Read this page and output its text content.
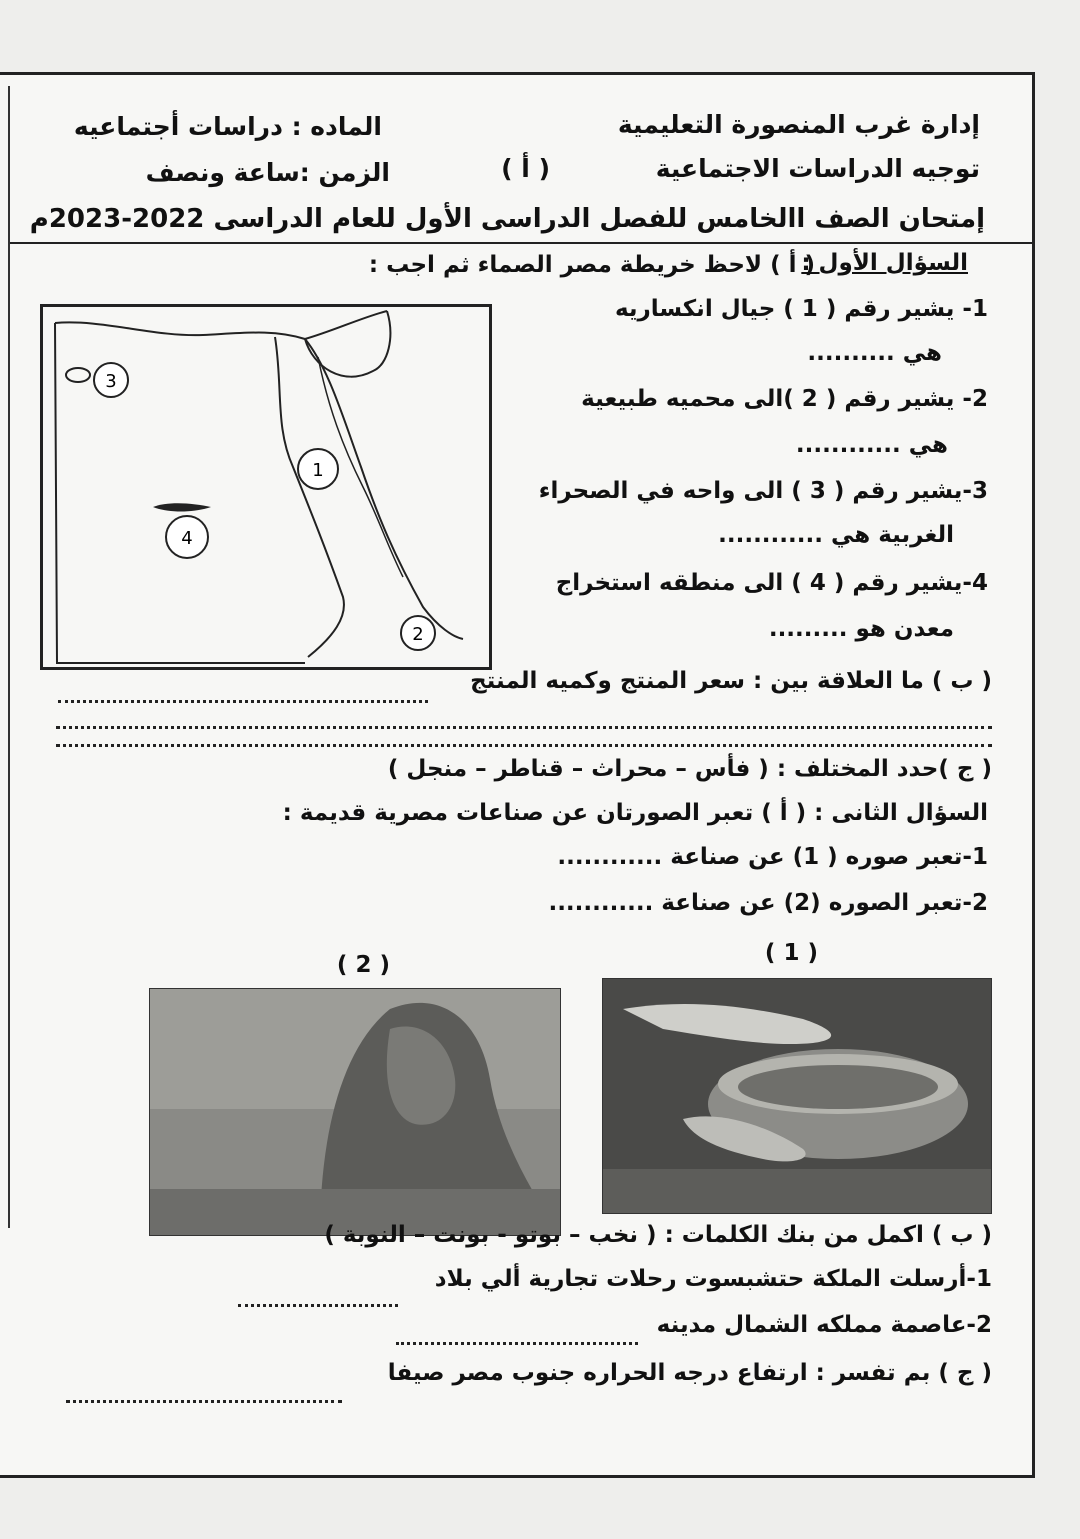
إدارة غرب المنصورة التعليمية
الماده : دراسات أجتماعيه
توجيه الدراسات الاجتماعية
( أ )
الزمن :ساعة ونصف
إمتحان الصف االخامس للفصل الدراسى الأول للعام الدراسى 2022-2023م
السؤال الأول :
( أ ) لاحظ خريطة مصر الصماء ثم اجب :
1- يشير رقم ( 1 ) جيال انكساريه
هي ..........
2- يشير رقم ( 2 )الى محميه طبيعية
هي ............
3-يشير رقم ( 3 ) الى واحه في الصحراء
الغربية هي ............
4-يشير رقم ( 4 ) الى منطقه استخراج
معدن هو .........
1
2
3
4
( ب ) ما العلاقة بين : سعر المنتج وكميه المنتج
( ج )حدد المختلف : ( فأس – محراث – قناطر – منجل )
السؤال الثانى : ( أ ) تعبر الصورتان عن صناعات مصرية قديمة :
1-تعبر صوره ( 1) عن صناعة ............
2-تعبر الصوره (2) عن صناعة ............
( 1 )
( 2 )
( ب ) اكمل من بنك الكلمات : ( نخب – بوتو - بونت – النوبة )
1-أرسلت الملكة حتشبسوت رحلات تجارية ألي بلاد
2-عاصمة مملكه الشمال مدينه
( ج ) بم تفسر : ارتفاع درجه الحراره جنوب مصر صيفا
